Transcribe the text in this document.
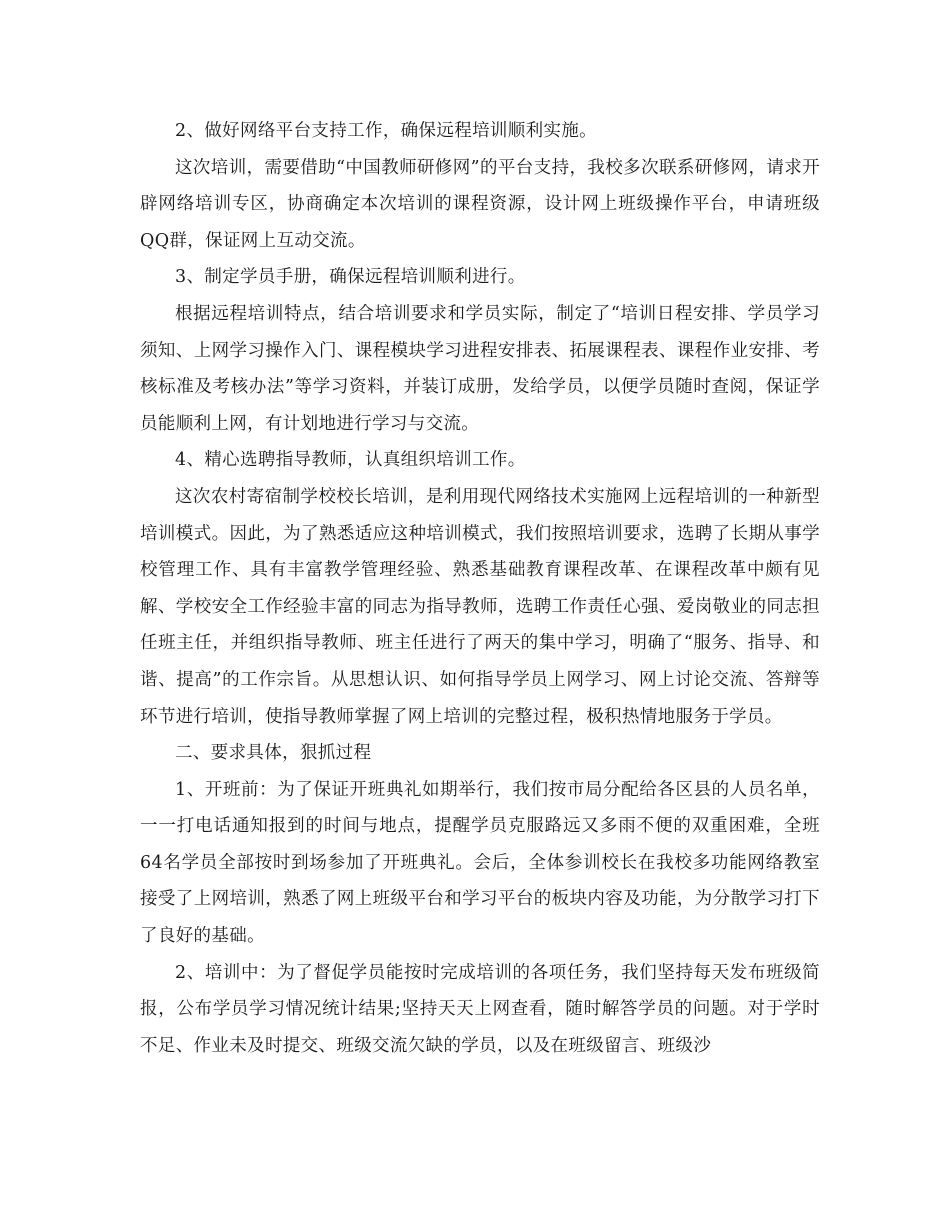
2、做好网络平台支持工作，确保远程培训顺利实施。

这次培训，需要借助“中国教师研修网”的平台支持，我校多次联系研修网，请求开辟网络培训专区，协商确定本次培训的课程资源，设计网上班级操作平台，申请班级QQ群，保证网上互动交流。

3、制定学员手册，确保远程培训顺利进行。

根据远程培训特点，结合培训要求和学员实际，制定了“培训日程安排、学员学习须知、上网学习操作入门、课程模块学习进程安排表、拓展课程表、课程作业安排、考核标准及考核办法”等学习资料，并装订成册，发给学员，以便学员随时查阅，保证学员能顺利上网，有计划地进行学习与交流。

4、精心选聘指导教师，认真组织培训工作。

这次农村寄宿制学校校长培训，是利用现代网络技术实施网上远程培训的一种新型培训模式。因此，为了熟悉适应这种培训模式，我们按照培训要求，选聘了长期从事学校管理工作、具有丰富教学管理经验、熟悉基础教育课程改革、在课程改革中颇有见解、学校安全工作经验丰富的同志为指导教师，选聘工作责任心强、爱岗敬业的同志担任班主任，并组织指导教师、班主任进行了两天的集中学习，明确了“服务、指导、和谐、提高”的工作宗旨。从思想认识、如何指导学员上网学习、网上讨论交流、答辩等环节进行培训，使指导教师掌握了网上培训的完整过程，极积热情地服务于学员。

二、要求具体，狠抓过程

1、开班前：为了保证开班典礼如期举行，我们按市局分配给各区县的人员名单，一一打电话通知报到的时间与地点，提醒学员克服路远又多雨不便的双重困难，全班64名学员全部按时到场参加了开班典礼。会后，全体参训校长在我校多功能网络教室接受了上网培训，熟悉了网上班级平台和学习平台的板块内容及功能，为分散学习打下了良好的基础。

2、培训中：为了督促学员能按时完成培训的各项任务，我们坚持每天发布班级简报，公布学员学习情况统计结果;坚持天天上网查看，随时解答学员的问题。对于学时不足、作业未及时提交、班级交流欠缺的学员，以及在班级留言、班级沙
